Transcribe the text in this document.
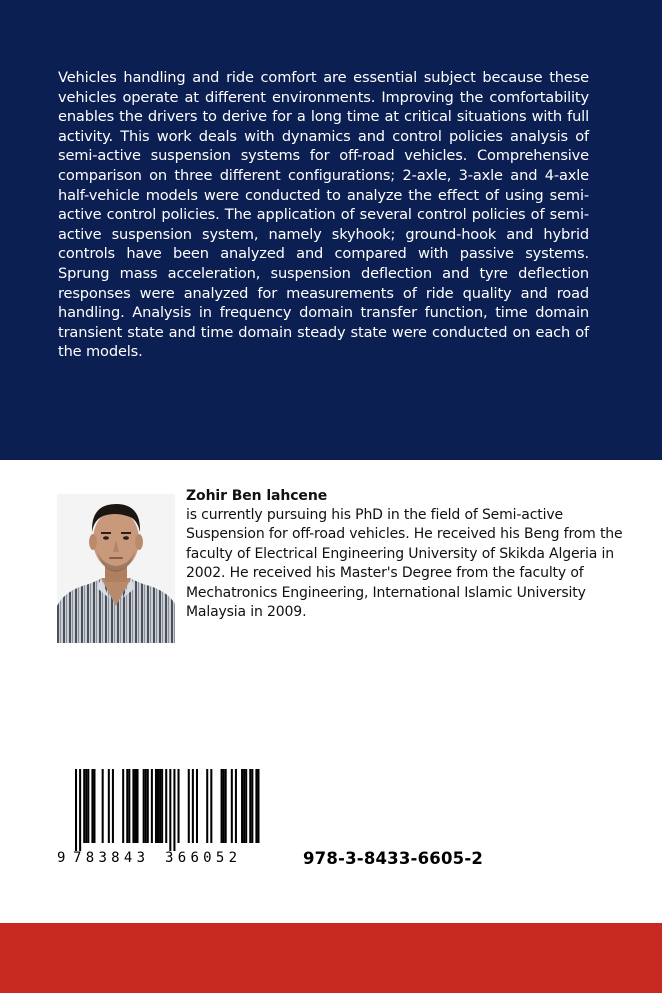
Vehicles handling and ride comfort are essential subject because these vehicles operate at different environments. Improving the comfortability enables the drivers to derive for a long time at critical situations with full activity. This work deals with dynamics and control policies analysis of semi-active suspension systems for off-road vehicles. Comprehensive comparison on three different configurations; 2-axle, 3-axle and 4-axle half-vehicle models were conducted to analyze the effect of using semi-active control policies. The application of several control policies of semi-active suspension system, namely skyhook; ground-hook and hybrid controls have been analyzed and compared with passive systems. Sprung mass acceleration, suspension deflection and tyre deflection responses were analyzed for measurements of ride quality and road handling. Analysis in frequency domain transfer function, time domain transient state and time domain steady state were conducted on each of the models.

Zohir Ben lahcene

is currently pursuing his PhD in the field of Semi-active Suspension for off-road vehicles. He received his Beng from the faculty of Electrical Engineering University of Skikda Algeria in 2002. He received his Master's Degree from the faculty of Mechatronics Engineering, International Islamic University Malaysia in 2009.

9 783843 366052	978-3-8433-6605-2
